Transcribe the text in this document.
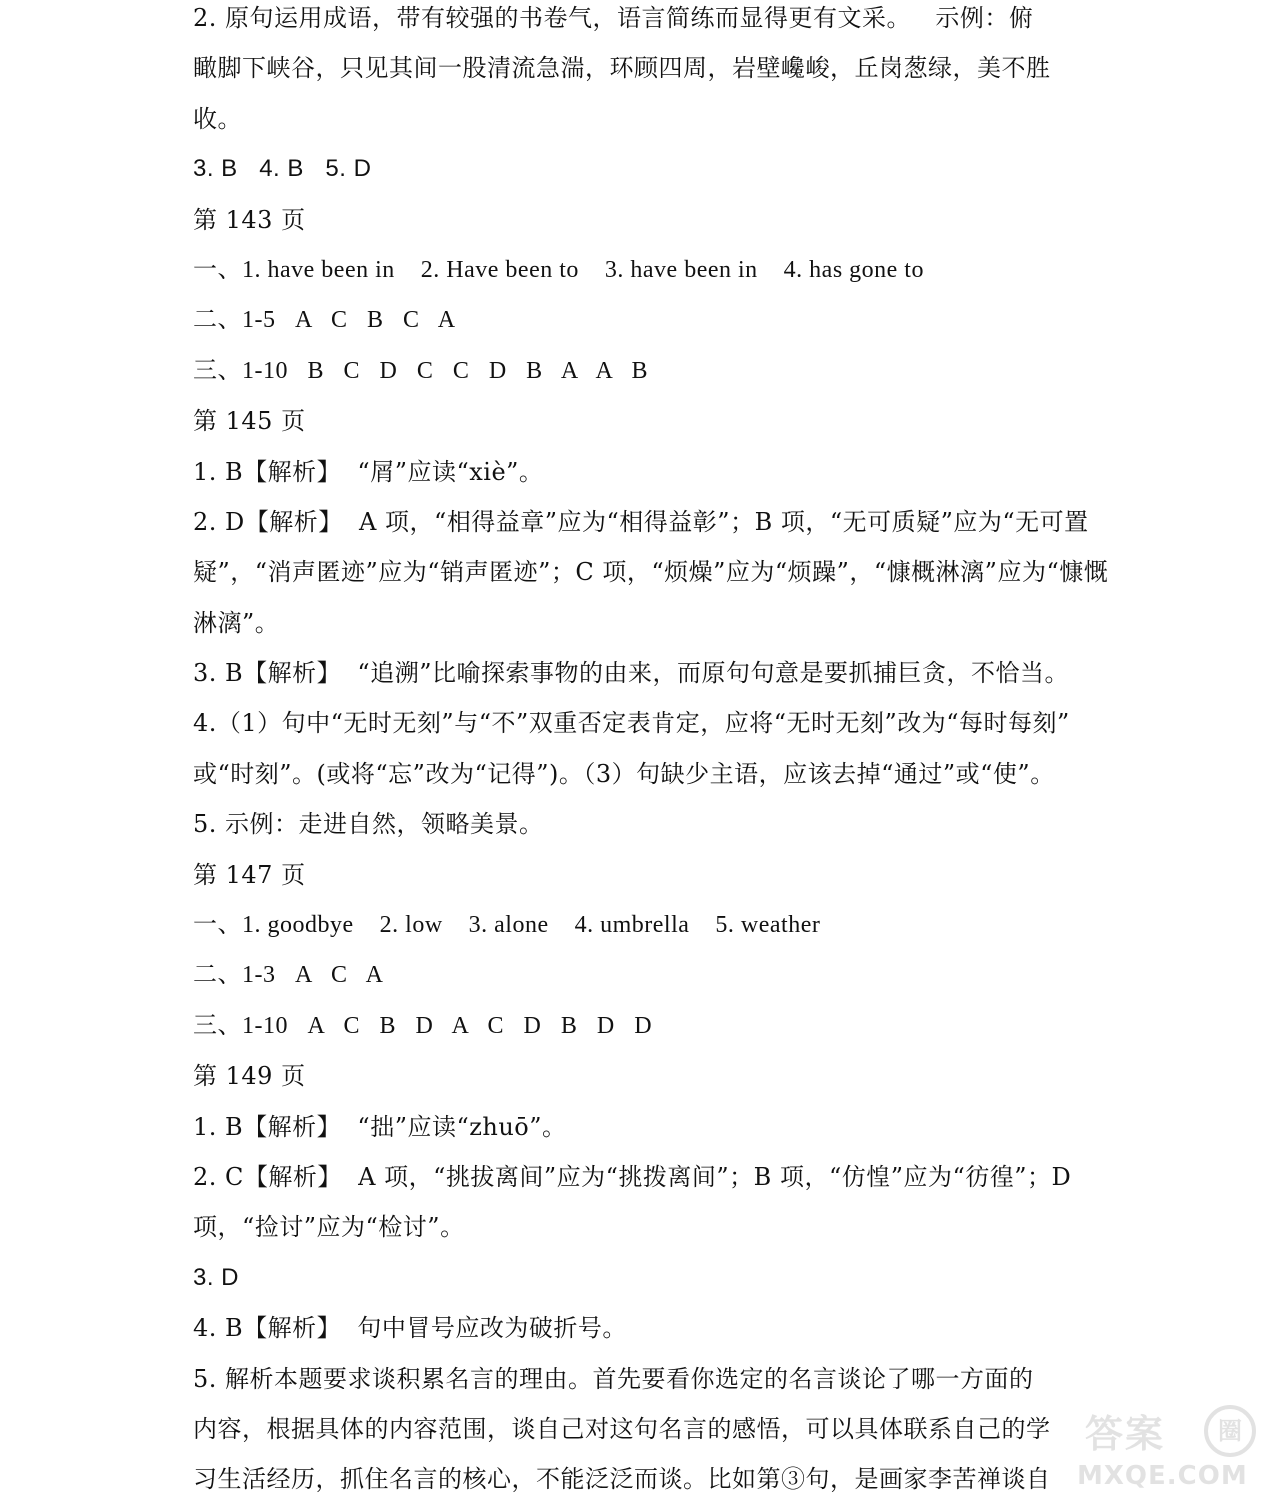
2. 原句运用成语，带有较强的书卷气，语言简练而显得更有文采。   示例：俯
瞰脚下峡谷，只见其间一股清流急湍，环顾四周，岩壁巉峻，丘岗葱绿，美不胜
收。
3. B   4. B   5. D
第 143 页
一、1. have been in    2. Have been to    3. have been in    4. has gone to
二、1-5   A   C   B   C   A
三、1-10   B   C   D   C   C   D   B   A   A   B
第 145 页
1. B【解析】  “屑”应读“xiè”。
2. D【解析】  A 项，“相得益章”应为“相得益彰”；B 项，“无可质疑”应为“无可置
疑”，“消声匿迹”应为“销声匿迹”；C 项，“烦燥”应为“烦躁”，“慷概淋漓”应为“慷慨
淋漓”。
3. B【解析】  “追溯”比喻探索事物的由来，而原句句意是要抓捕巨贪，不恰当。
4.（1）句中“无时无刻”与“不”双重否定表肯定，应将“无时无刻”改为“每时每刻”
或“时刻”。(或将“忘”改为“记得”)。（3）句缺少主语，应该去掉“通过”或“使”。
5. 示例：走进自然，领略美景。
第 147 页
一、1. goodbye    2. low    3. alone    4. umbrella    5. weather
二、1-3   A   C   A
三、1-10   A   C   B   D   A   C   D   B   D   D
第 149 页
1. B【解析】  “拙”应读“zhuō”。
2. C【解析】  A 项，“挑拔离间”应为“挑拨离间”；B 项，“仿惶”应为“彷徨”；D
项，“捡讨”应为“检讨”。
3. D
4. B【解析】  句中冒号应改为破折号。
5. 解析本题要求谈积累名言的理由。首先要看你选定的名言谈论了哪一方面的
内容，根据具体的内容范围，谈自己对这句名言的感悟，可以具体联系自己的学
习生活经历，抓住名言的核心，不能泛泛而谈。比如第③句，是画家李苦禅谈自
答案	圈
MXQE.COM
